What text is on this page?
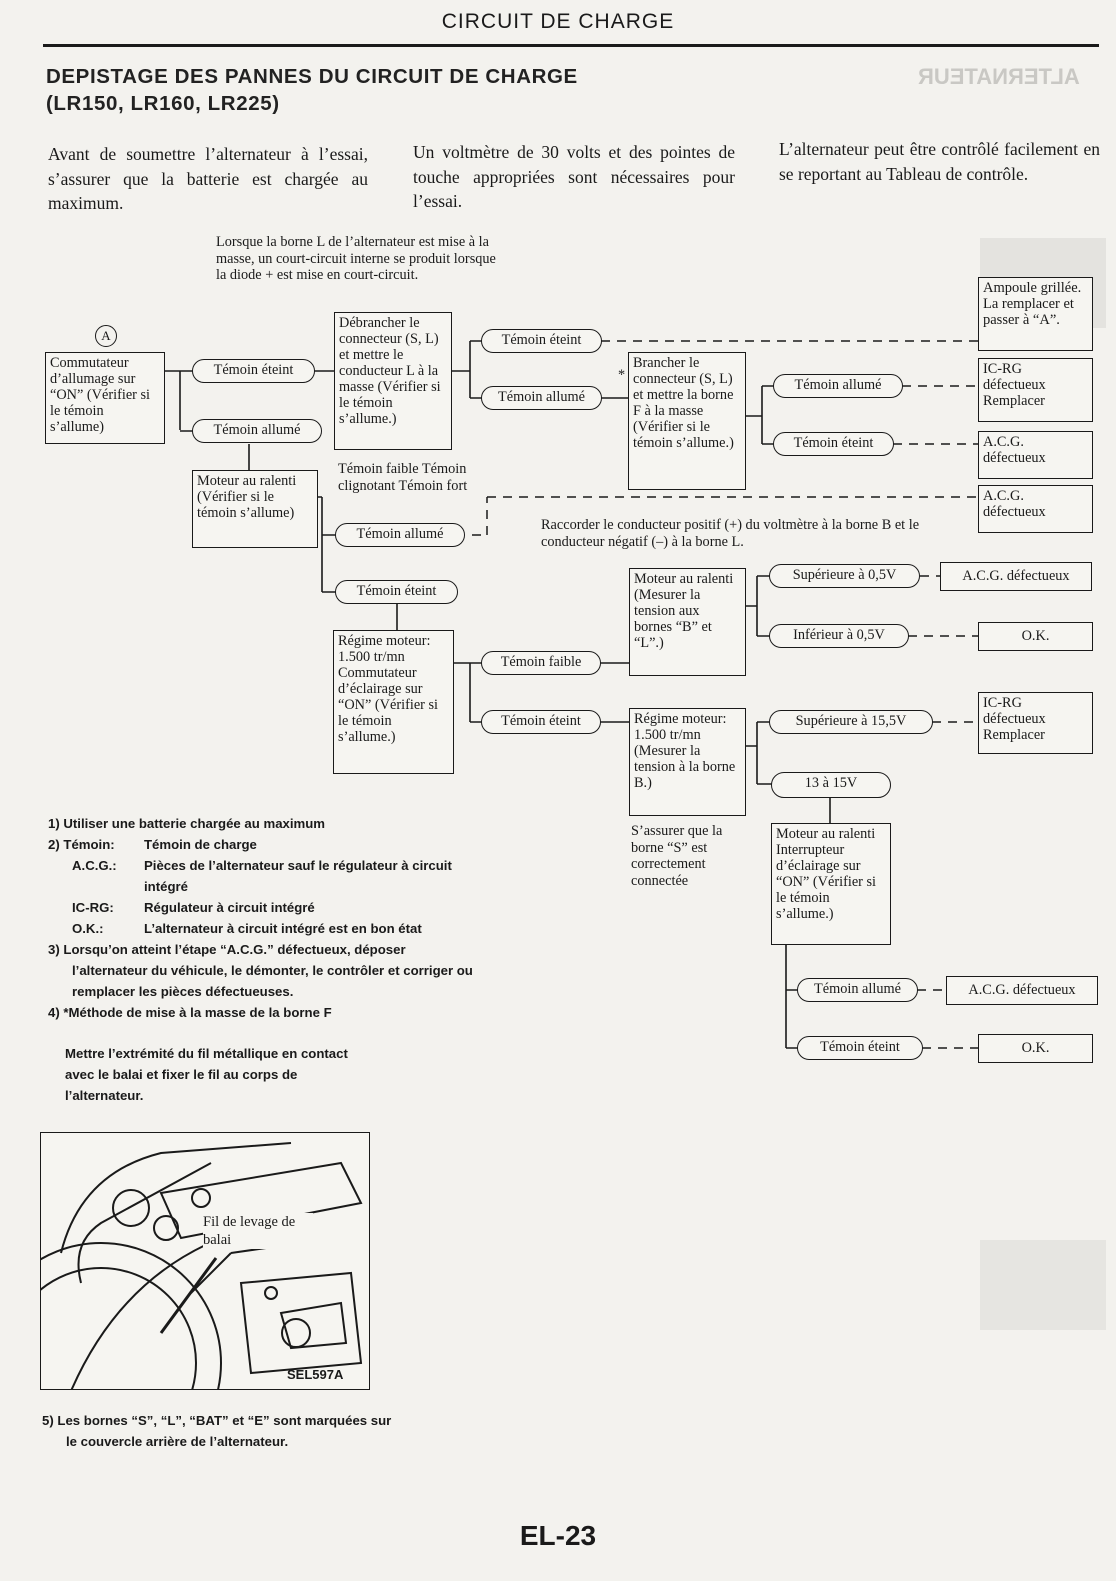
CIRCUIT DE CHARGE
DEPISTAGE DES PANNES DU CIRCUIT DE CHARGE
(LR150, LR160, LR225)
ALTERNATEUR
Avant de soumettre l’alternateur à l’essai, s’assurer que la batterie est chargée au maximum.
Un voltmètre de 30 volts et des pointes de touche appropriées sont nécessaires pour l’essai.
L’alternateur peut être contrôlé facilement en se reportant au Tableau de contrôle.
Lorsque la borne L de l’alternateur est mise à la masse, un court-circuit interne se produit lorsque la diode + est mise en court-circuit.
A
Commutateur d’allumage sur “ON” (Vérifier si le témoin s’allume)
Témoin éteint
Témoin allumé
Débrancher le connecteur (S, L) et mettre le conducteur L à la masse (Vérifier si le témoin s’allume.)
Témoin éteint
Témoin allumé
*
Brancher le connecteur (S, L) et mettre la borne F à la masse (Vérifier si le témoin s’allume.)
Témoin allumé
Témoin éteint
Ampoule grillée. La remplacer et passer à “A”.
IC-RG défectueux Remplacer
A.C.G. défectueux
A.C.G. défectueux
Moteur au ralenti (Vérifier si le témoin s’allume)
Témoin faible Témoin clignotant Témoin fort
Témoin allumé
Témoin éteint
Raccorder le conducteur positif (+) du voltmètre à la borne B et le conducteur négatif (–) à la borne L.
Moteur au ralenti (Mesurer la tension aux bornes “B” et “L”.)
Supérieure à 0,5V
Inférieur à 0,5V
A.C.G. défectueux
O.K.
Régime moteur: 1.500 tr/mn Commutateur d’éclairage sur “ON” (Vérifier si le témoin s’allume.)
Témoin faible
Témoin éteint	Régime moteur: 1.500 tr/mn (Mesurer la tension à la borne B.)
S’assurer que la borne “S” est correctement connectée
Supérieure à 15,5V
13 à 15V
IC-RG défectueux Remplacer
Moteur au ralenti Interrupteur d’éclairage sur “ON” (Vérifier si le témoin s’allume.)
Témoin allumé
Témoin éteint
A.C.G. défectueux
O.K.
1) Utiliser une batterie chargée au maximum
2) Témoin:	Témoin de charge
A.C.G.:	Pièces de l’alternateur sauf le régulateur à circuit intégré
IC-RG:	Régulateur à circuit intégré
O.K.:	L’alternateur à circuit intégré est en bon état
3) Lorsqu’on atteint l’étape “A.C.G.” défectueux, déposer l’alternateur du véhicule, le démonter, le contrôler et corriger ou remplacer les pièces défectueuses.
4) *Méthode de mise à la masse de la borne F
Mettre l’extrémité du fil métallique en contact avec le balai et fixer le fil au corps de l’alternateur.
Fil de levage de balai
SEL597A
5) Les bornes “S”, “L”, “BAT” et “E” sont marquées sur le couvercle arrière de l’alternateur.
EL-23
